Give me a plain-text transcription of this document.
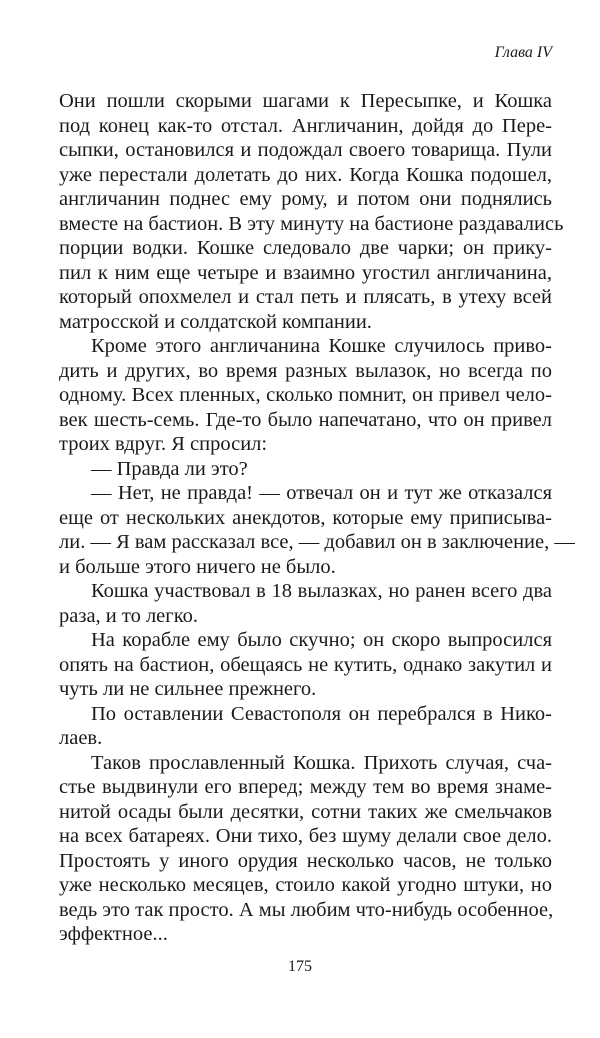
Глава IV
Они пошли скорыми шагами к Пересыпке, и Кошка
под конец как-то отстал. Англичанин, дойдя до Пере-
сыпки, остановился и подождал своего товарища. Пули
уже перестали долетать до них. Когда Кошка подошел,
англичанин поднес ему рому, и потом они поднялись
вместе на бастион. В эту минуту на бастионе раздавались
порции водки. Кошке следовало две чарки; он прику-
пил к ним еще четыре и взаимно угостил англичанина,
который опохмелел и стал петь и плясать, в утеху всей
матросской и солдатской компании.
Кроме этого англичанина Кошке случилось приво-
дить и других, во время разных вылазок, но всегда по
одному. Всех пленных, сколько помнит, он привел чело-
век шесть-семь. Где-то было напечатано, что он привел
троих вдруг. Я спросил:
— Правда ли это?
— Нет, не правда! — отвечал он и тут же отказался
еще от нескольких анекдотов, которые ему приписыва-
ли. — Я вам рассказал все, — добавил он в заключение, —
и больше этого ничего не было.
Кошка участвовал в 18 вылазках, но ранен всего два
раза, и то легко.
На корабле ему было скучно; он скоро выпросился
опять на бастион, обещаясь не кутить, однако закутил и
чуть ли не сильнее прежнего.
По оставлении Севастополя он перебрался в Нико-
лаев.
Таков прославленный Кошка. Прихоть случая, сча-
стье выдвинули его вперед; между тем во время знаме-
нитой осады были десятки, сотни таких же смельчаков
на всех батареях. Они тихо, без шуму делали свое дело.
Простоять у иного орудия несколько часов, не только
уже несколько месяцев, стоило какой угодно штуки, но
ведь это так просто. А мы любим что-нибудь особенное,
эффектное...
175
